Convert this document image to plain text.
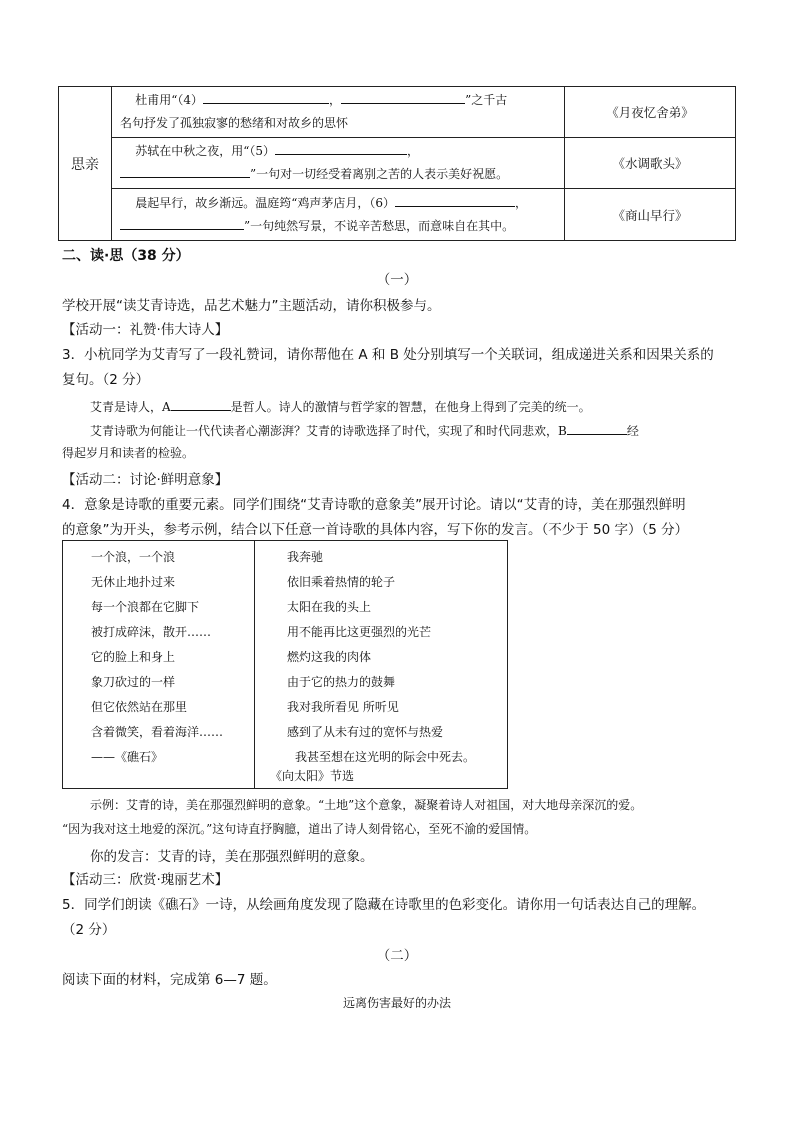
思亲	杜甫用“（4） ， ”之千古
名句抒发了孤独寂寥的愁绪和对故乡的思怀	《月夜忆舍弟》

	苏轼在中秋之夜，用“（5） ，
”一句对一切经受着离别之苦的人表示美好祝愿。	《水调歌头》

	晨起早行，故乡渐远。温庭筠“鸡声茅店月，（6） ，
”一句纯然写景，不说辛苦愁思，而意味自在其中。	《商山早行》
二、读·思（38 分）
（一）
学校开展“读艾青诗选，品艺术魅力”主题活动，请你积极参与。
【活动一：礼赞·伟大诗人】
3．小杭同学为艾青写了一段礼赞词，请你帮他在 A 和 B 处分别填写一个关联词，组成递进关系和因果关系的
复句。（2 分）
艾青是诗人，A	是哲人。诗人的激情与哲学家的智慧，在他身上得到了完美的统一。
艾青诗歌为何能让一代代读者心潮澎湃？艾青的诗歌选择了时代，实现了和时代同悲欢，B	经
得起岁月和读者的检验。
【活动二：讨论·鲜明意象】
4．意象是诗歌的重要元素。同学们围绕“艾青诗歌的意象美”展开讨论。请以“艾青的诗，美在那强烈鲜明
的意象”为开头，参考示例，结合以下任意一首诗歌的具体内容，写下你的发言。（不少于 50 字）（5 分）
一个浪，一个浪
无休止地扑过来
每一个浪都在它脚下
被打成碎沫，散开……
它的脸上和身上
象刀砍过的一样
但它依然站在那里
含着微笑，看着海洋……
——《礁石》
我奔驰
依旧乘着热情的轮子
太阳在我的头上
用不能再比这更强烈的光芒
燃灼这我的肉体
由于它的热力的鼓舞
我对我所看见 所听见
感到了从未有过的宽怀与热爱
我甚至想在这光明的际会中死去。
《向太阳》节选
示例：艾青的诗，美在那强烈鲜明的意象。“土地”这个意象，凝聚着诗人对祖国，对大地母亲深沉的爱。
“因为我对这土地爱的深沉。”这句诗直抒胸臆，道出了诗人刻骨铭心，至死不渝的爱国情。
你的发言：艾青的诗，美在那强烈鲜明的意象。
【活动三：欣赏·瑰丽艺术】
5．同学们朗读《礁石》一诗，从绘画角度发现了隐藏在诗歌里的色彩变化。请你用一句话表达自己的理解。
（2 分）
（二）
阅读下面的材料，完成第 6—7 题。
远离伤害最好的办法
